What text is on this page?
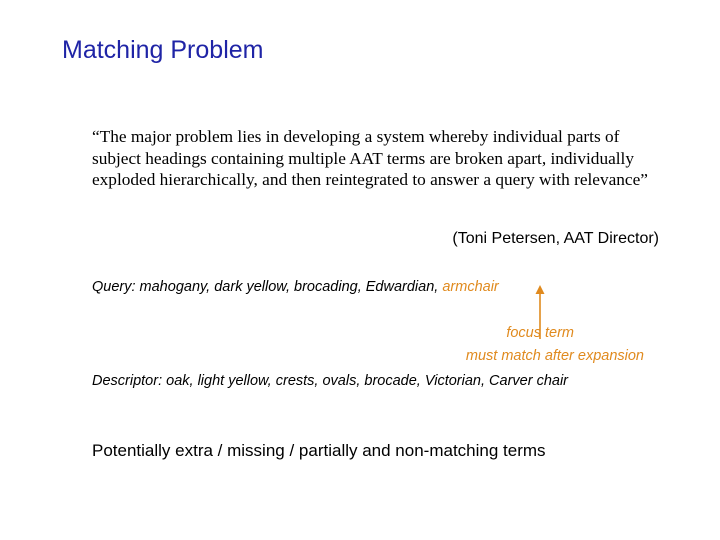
Matching Problem
“The major problem lies in developing a system whereby individual parts of subject headings containing multiple AAT terms are broken apart, individually exploded hierarchically, and then reintegrated to answer a query with relevance”
(Toni Petersen, AAT Director)
Query: mahogany, dark yellow, brocading, Edwardian, armchair
focus term
must match after expansion
Descriptor: oak, light yellow, crests, ovals, brocade, Victorian, Carver chair
Potentially extra / missing / partially and non-matching terms
